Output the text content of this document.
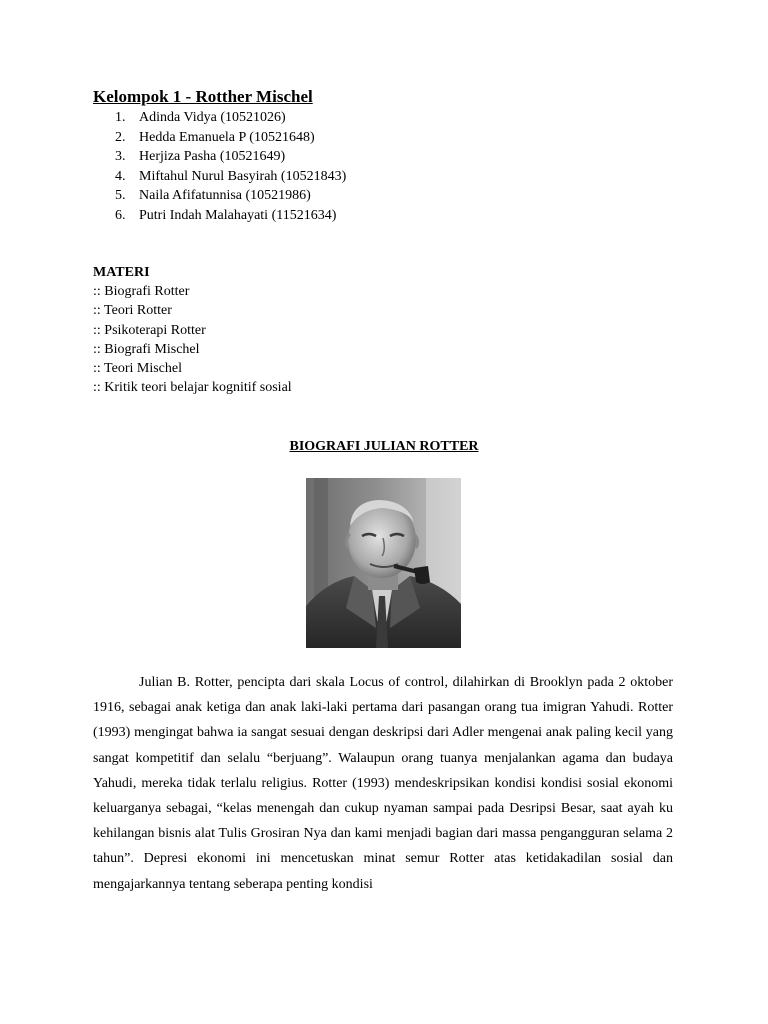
Kelompok 1 - Rotther Mischel
1. Adinda Vidya (10521026)
2. Hedda Emanuela P (10521648)
3. Herjiza Pasha (10521649)
4. Miftahul Nurul Basyirah (10521843)
5. Naila Afifatunnisa (10521986)
6. Putri Indah Malahayati (11521634)
MATERI
:: Biografi Rotter
:: Teori Rotter
:: Psikoterapi Rotter
:: Biografi Mischel
:: Teori Mischel
:: Kritik teori belajar kognitif sosial
BIOGRAFI JULIAN ROTTER

Julian B. Rotter, pencipta dari skala Locus of control, dilahirkan di Brooklyn pada 2 oktober 1916, sebagai anak ketiga dan anak laki-laki pertama dari pasangan orang tua imigran Yahudi. Rotter (1993) mengingat bahwa ia sangat sesuai dengan deskripsi dari Adler mengenai anak paling kecil yang sangat kompetitif dan selalu “berjuang”. Walaupun orang tuanya menjalankan agama dan budaya Yahudi, mereka tidak terlalu religius. Rotter (1993) mendeskripsikan kondisi kondisi sosial ekonomi keluarganya sebagai, “kelas menengah dan cukup nyaman sampai pada Desripsi Besar, saat ayah ku kehilangan bisnis alat Tulis Grosiran Nya dan kami menjadi bagian dari massa pengangguran selama 2 tahun”. Depresi ekonomi ini mencetuskan minat semur Rotter atas ketidakadilan sosial dan mengajarkannya tentang seberapa penting kondisi
